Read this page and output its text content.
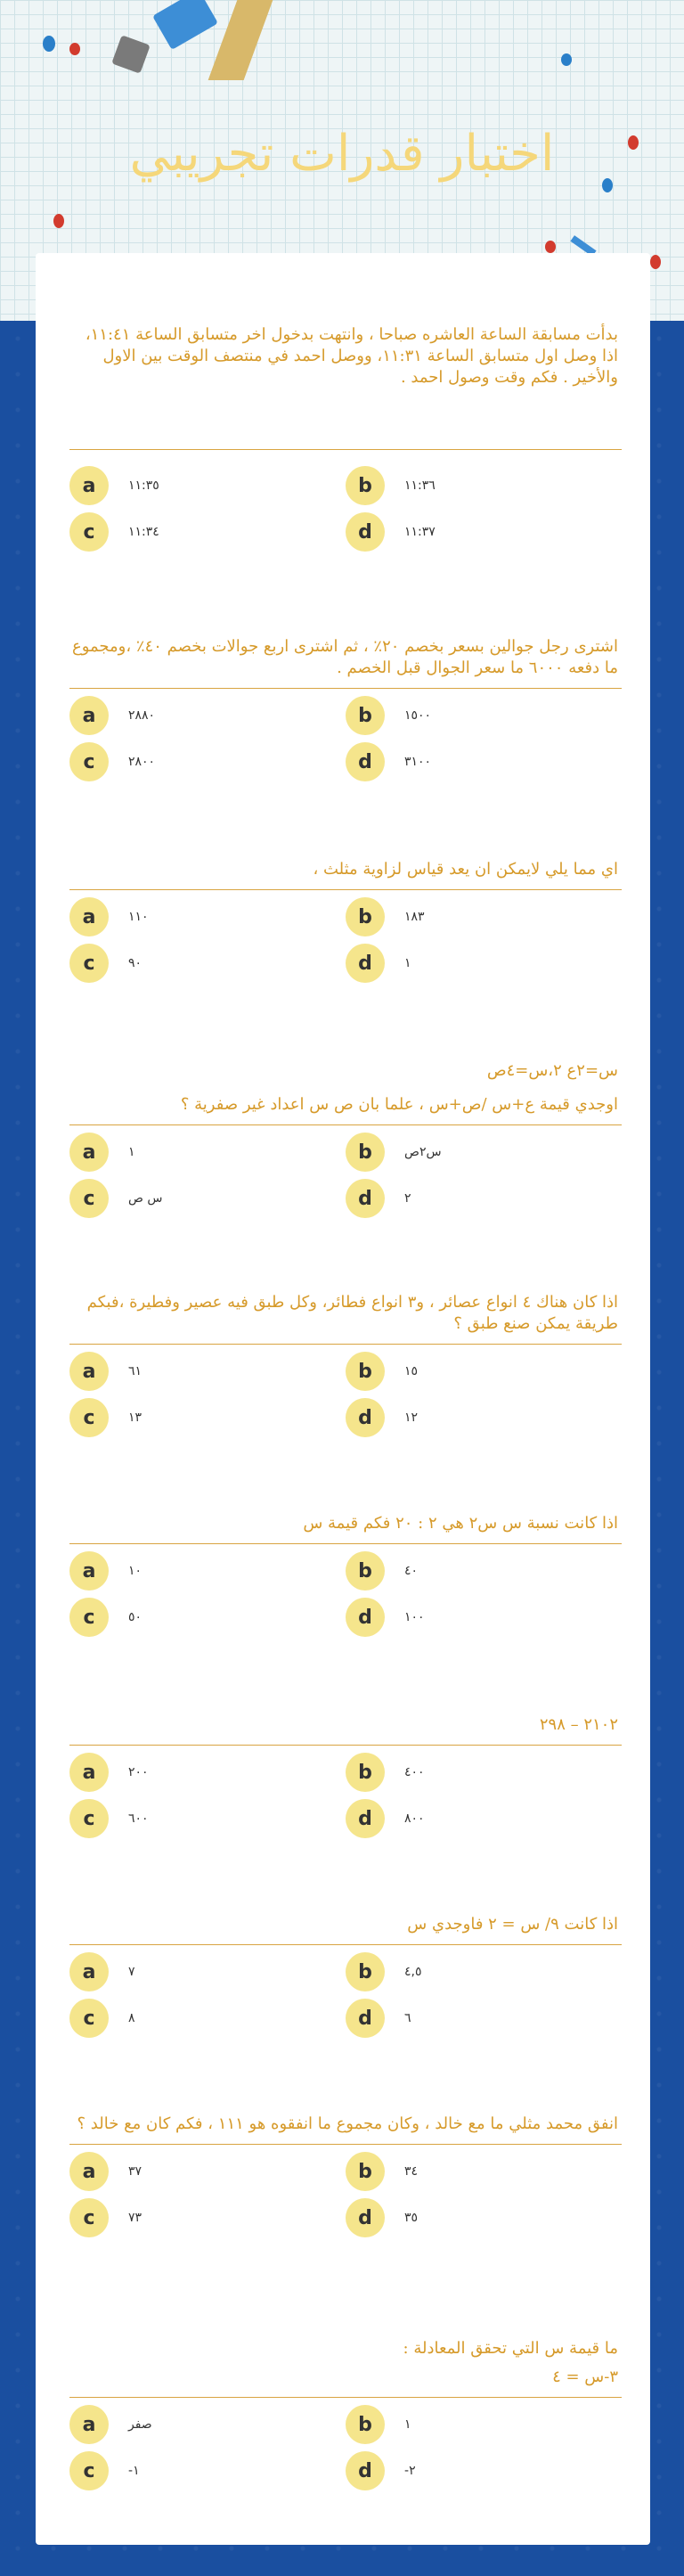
اختبار قدرات تجريبي
بدأت مسابقة الساعة العاشره صباحا ، وانتهت بدخول اخر متسابق الساعة ١١:٤١، اذا وصل اول متسابق الساعة ١١:٣١، ووصل احمد في منتصف الوقت بين الاول والأخير . فكم وقت وصول احمد .
a	١١:٣٥	b	١١:٣٦
c	١١:٣٤	d	١١:٣٧
اشترى رجل جوالين بسعر بخصم ٢٠٪ ، ثم اشترى اربع جوالات بخصم ٤٠٪ ،ومجموع ما دفعه ٦٠٠٠ ما سعر الجوال قبل الخصم .
a	٢٨٨٠	b	١٥٠٠
c	٢٨٠٠	d	٣١٠٠
اي مما يلي لايمكن ان يعد قياس لزاوية مثلث ،
a	١١٠	b	١٨٣
c	٩٠	d	١
س=٢ع ٢،س=٤ص
اوجدي قيمة ع+س /ص+س ، علما بان ص س اعداد غير صفرية ؟
a	١	b	س٢ص
c	س ص	d	٢
اذا كان هناك ٤ انواع عصائر ، و٣ انواع فطائر، وكل طبق فيه عصير وفطيرة ،فبكم طريقة يمكن صنع طبق ؟
a	٦١	b	١٥
c	١٣	d	١٢
اذا كانت نسبة س س٢ هي ٢ : ٢٠ فكم قيمة س
a	١٠	b	٤٠
c	٥٠	d	١٠٠
٢١٠٢ – ٢٩٨
a	٢٠٠	b	٤٠٠
c	٦٠٠	d	٨٠٠
اذا كانت ٩/ س = ٢ فاوجدي س
a	٧	b	٤,٥
c	٨	d	٦
انفق محمد مثلي ما مع خالد ، وكان مجموع ما انفقوه هو ١١١ ، فكم كان مع خالد ؟
a	٣٧	b	٣٤
c	٧٣	d	٣٥
ما قيمة س التي تحقق المعادلة :
٣-س = ٤
a	صفر	b	١
c	-١	d	-٢
